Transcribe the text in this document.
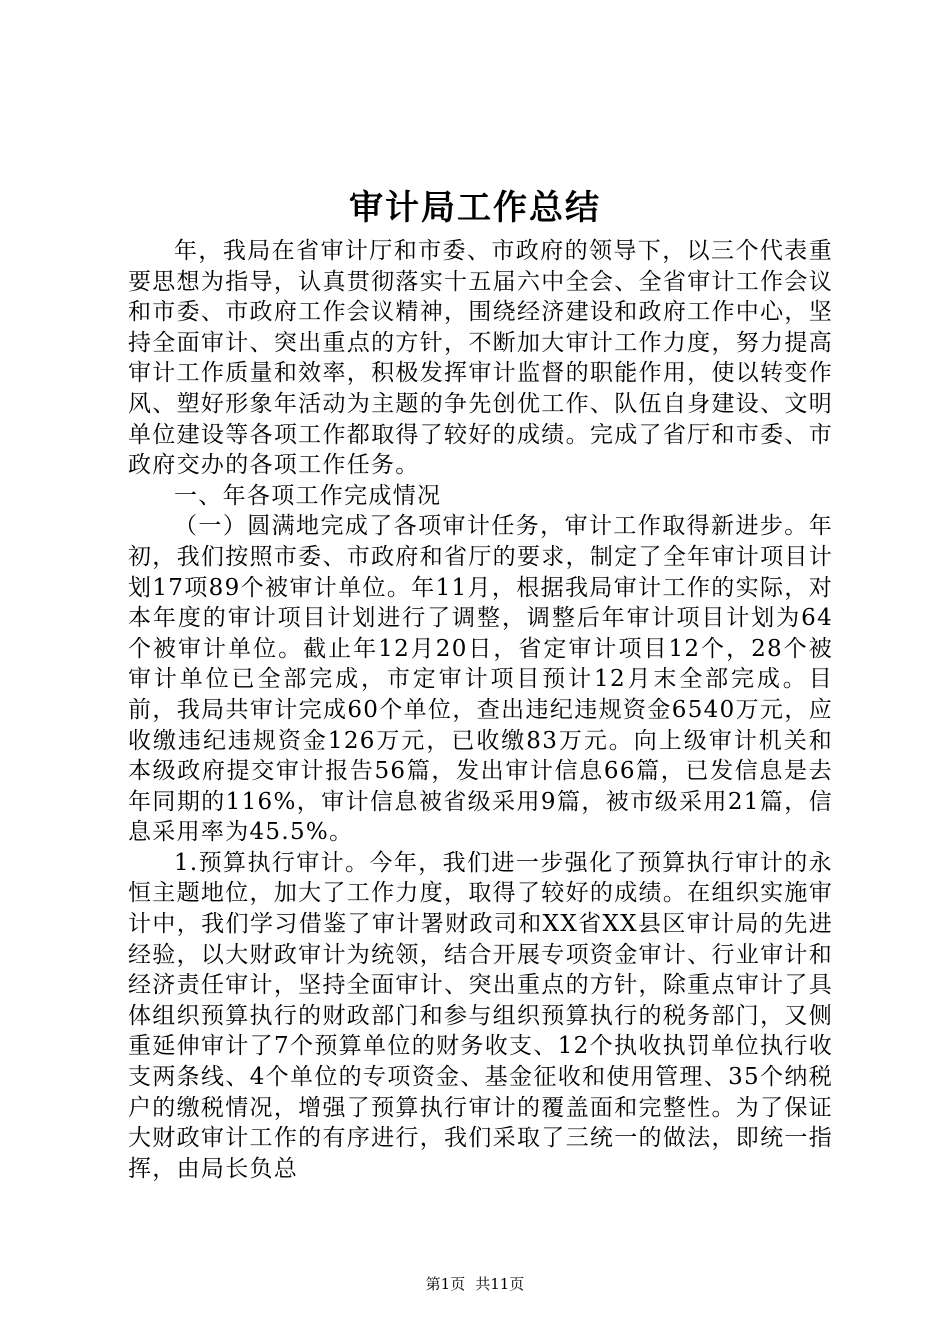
审计局工作总结

年，我局在省审计厅和市委、市政府的领导下，以三个代表重要思想为指导，认真贯彻落实十五届六中全会、全省审计工作会议和市委、市政府工作会议精神，围绕经济建设和政府工作中心，坚持全面审计、突出重点的方针，不断加大审计工作力度，努力提高审计工作质量和效率，积极发挥审计监督的职能作用，使以转变作风、塑好形象年活动为主题的争先创优工作、队伍自身建设、文明单位建设等各项工作都取得了较好的成绩。完成了省厅和市委、市政府交办的各项工作任务。

一、年各项工作完成情况

（一）圆满地完成了各项审计任务，审计工作取得新进步。年初，我们按照市委、市政府和省厅的要求，制定了全年审计项目计划17项89个被审计单位。年11月，根据我局审计工作的实际，对本年度的审计项目计划进行了调整，调整后年审计项目计划为64个被审计单位。截止年12月20日，省定审计项目12个，28个被审计单位已全部完成，市定审计项目预计12月末全部完成。目前，我局共审计完成60个单位，查出违纪违规资金6540万元，应收缴违纪违规资金126万元，已收缴83万元。向上级审计机关和本级政府提交审计报告56篇，发出审计信息66篇，已发信息是去年同期的116%，审计信息被省级采用9篇，被市级采用21篇，信息采用率为45.5%。

1.预算执行审计。今年，我们进一步强化了预算执行审计的永恒主题地位，加大了工作力度，取得了较好的成绩。在组织实施审计中，我们学习借鉴了审计署财政司和XX省XX县区审计局的先进经验，以大财政审计为统领，结合开展专项资金审计、行业审计和经济责任审计，坚持全面审计、突出重点的方针，除重点审计了具体组织预算执行的财政部门和参与组织预算执行的税务部门，又侧重延伸审计了7个预算单位的财务收支、12个执收执罚单位执行收支两条线、4个单位的专项资金、基金征收和使用管理、35个纳税户的缴税情况，增强了预算执行审计的覆盖面和完整性。为了保证大财政审计工作的有序进行，我们采取了三统一的做法，即统一指挥，由局长负总

第1页 共11页
